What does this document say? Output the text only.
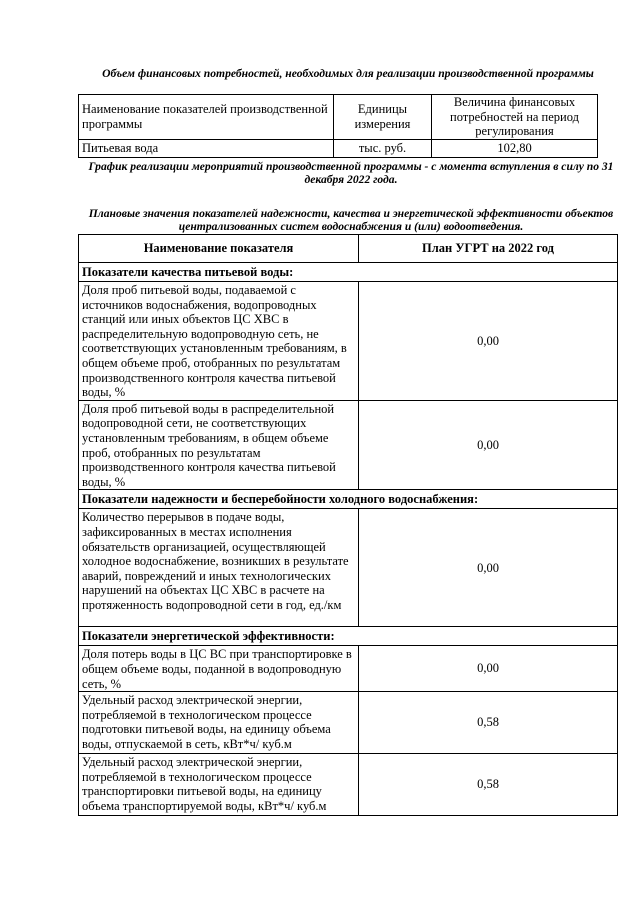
Объем финансовых потребностей, необходимых для реализации производственной программы
Наименование показателей производственной программы	Единицы измерения	Величина финансовых потребностей на период регулирования
Питьевая вода	тыс. руб.	102,80
График реализации мероприятий производственной программы - с момента вступления в силу по 31 декабря 2022 года.
Плановые значения показателей надежности, качества и энергетической эффективности объектов централизованных систем водоснабжения и (или) водоотведения.
Наименование показателя	План УГРТ на 2022 год
Показатели качества питьевой воды:	
Доля проб питьевой воды, подаваемой с источников водоснабжения, водопроводных станций или иных объектов ЦС ХВС в распределительную водопроводную сеть, не соответствующих установленным требованиям, в общем объеме проб, отобранных по результатам производственного контроля качества питьевой воды, %	0,00
Доля проб питьевой воды в распределительной водопроводной сети, не соответствующих установленным требованиям, в общем объеме проб, отобранных по результатам производственного контроля качества питьевой воды, %	0,00
Показатели надежности и бесперебойности холодного водоснабжения:	
Количество перерывов в подаче воды, зафиксированных в местах исполнения обязательств организацией, осуществляющей холодное водоснабжение, возникших в результате аварий, повреждений и иных технологических нарушений на объектах ЦС ХВС в расчете на протяженность водопроводной сети в год, ед./км	0,00
Показатели энергетической эффективности:	
Доля потерь воды в ЦС ВС при транспортировке в общем объеме воды, поданной в водопроводную сеть, %	0,00
Удельный расход электрической энергии, потребляемой в технологическом процессе подготовки питьевой воды, на единицу объема воды, отпускаемой в сеть, кВт*ч/ куб.м	0,58
Удельный расход электрической энергии, потребляемой в технологическом процессе транспортировки питьевой воды, на единицу объема транспортируемой воды, кВт*ч/ куб.м	0,58
